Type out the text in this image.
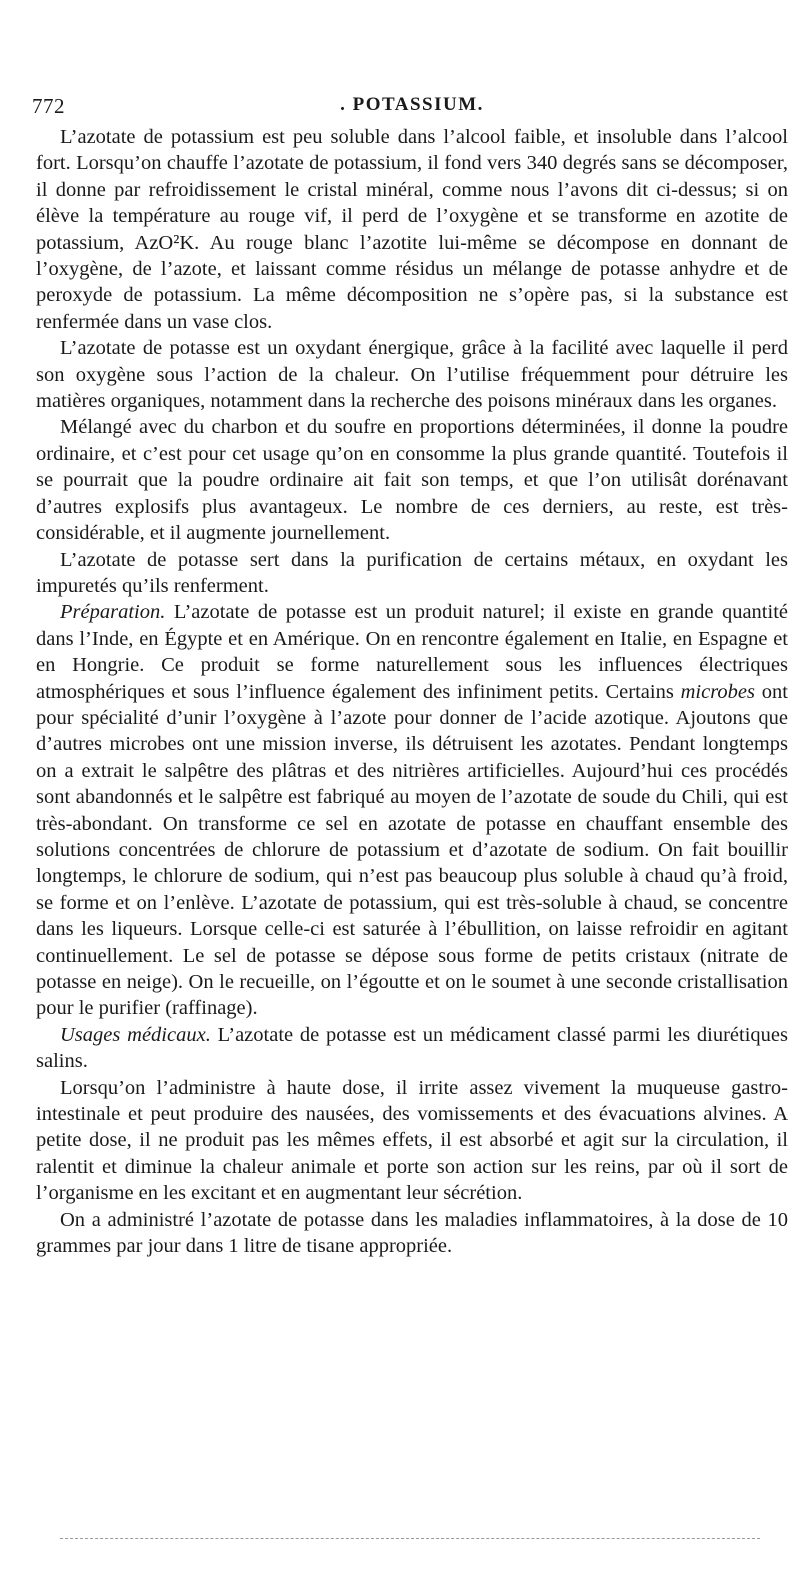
772	. POTASSIUM.

L’azotate de potassium est peu soluble dans l’alcool faible, et insoluble dans l’alcool fort. Lorsqu’on chauffe l’azotate de potassium, il fond vers 340 degrés sans se décomposer, il donne par refroidissement le cristal minéral, comme nous l’avons dit ci-dessus; si on élève la température au rouge vif, il perd de l’oxygène et se transforme en azotite de potassium, AzO²K. Au rouge blanc l’azotite lui-même se décompose en donnant de l’oxygène, de l’azote, et laissant comme résidus un mélange de potasse anhydre et de peroxyde de potassium. La même décomposition ne s’opère pas, si la substance est renfermée dans un vase clos.

L’azotate de potasse est un oxydant énergique, grâce à la facilité avec laquelle il perd son oxygène sous l’action de la chaleur. On l’utilise fréquemment pour détruire les matières organiques, notamment dans la recherche des poisons minéraux dans les organes.

Mélangé avec du charbon et du soufre en proportions déterminées, il donne la poudre ordinaire, et c’est pour cet usage qu’on en consomme la plus grande quantité. Toutefois il se pourrait que la poudre ordinaire ait fait son temps, et que l’on utilisât dorénavant d’autres explosifs plus avantageux. Le nombre de ces derniers, au reste, est très-considérable, et il augmente journellement.

L’azotate de potasse sert dans la purification de certains métaux, en oxydant les impuretés qu’ils renferment.

Préparation. L’azotate de potasse est un produit naturel; il existe en grande quantité dans l’Inde, en Égypte et en Amérique. On en rencontre également en Italie, en Espagne et en Hongrie. Ce produit se forme naturellement sous les influences électriques atmosphériques et sous l’influence également des infiniment petits. Certains microbes ont pour spécialité d’unir l’oxygène à l’azote pour donner de l’acide azotique. Ajoutons que d’autres microbes ont une mission inverse, ils détruisent les azotates. Pendant longtemps on a extrait le salpêtre des plâtras et des nitrières artificielles. Aujourd’hui ces procédés sont abandonnés et le salpêtre est fabriqué au moyen de l’azotate de soude du Chili, qui est très-abondant. On transforme ce sel en azotate de potasse en chauffant ensemble des solutions concentrées de chlorure de potassium et d’azotate de sodium. On fait bouillir longtemps, le chlorure de sodium, qui n’est pas beaucoup plus soluble à chaud qu’à froid, se forme et on l’enlève. L’azotate de potassium, qui est très-soluble à chaud, se concentre dans les liqueurs. Lorsque celle-ci est saturée à l’ébullition, on laisse refroidir en agitant continuellement. Le sel de potasse se dépose sous forme de petits cristaux (nitrate de potasse en neige). On le recueille, on l’égoutte et on le soumet à une seconde cristallisation pour le purifier (raffinage).

Usages médicaux. L’azotate de potasse est un médicament classé parmi les diurétiques salins.

Lorsqu’on l’administre à haute dose, il irrite assez vivement la muqueuse gastro-intestinale et peut produire des nausées, des vomissements et des évacuations alvines. A petite dose, il ne produit pas les mêmes effets, il est absorbé et agit sur la circulation, il ralentit et diminue la chaleur animale et porte son action sur les reins, par où il sort de l’organisme en les excitant et en augmentant leur sécrétion.

On a administré l’azotate de potasse dans les maladies inflammatoires, à la dose de 10 grammes par jour dans 1 litre de tisane appropriée.
